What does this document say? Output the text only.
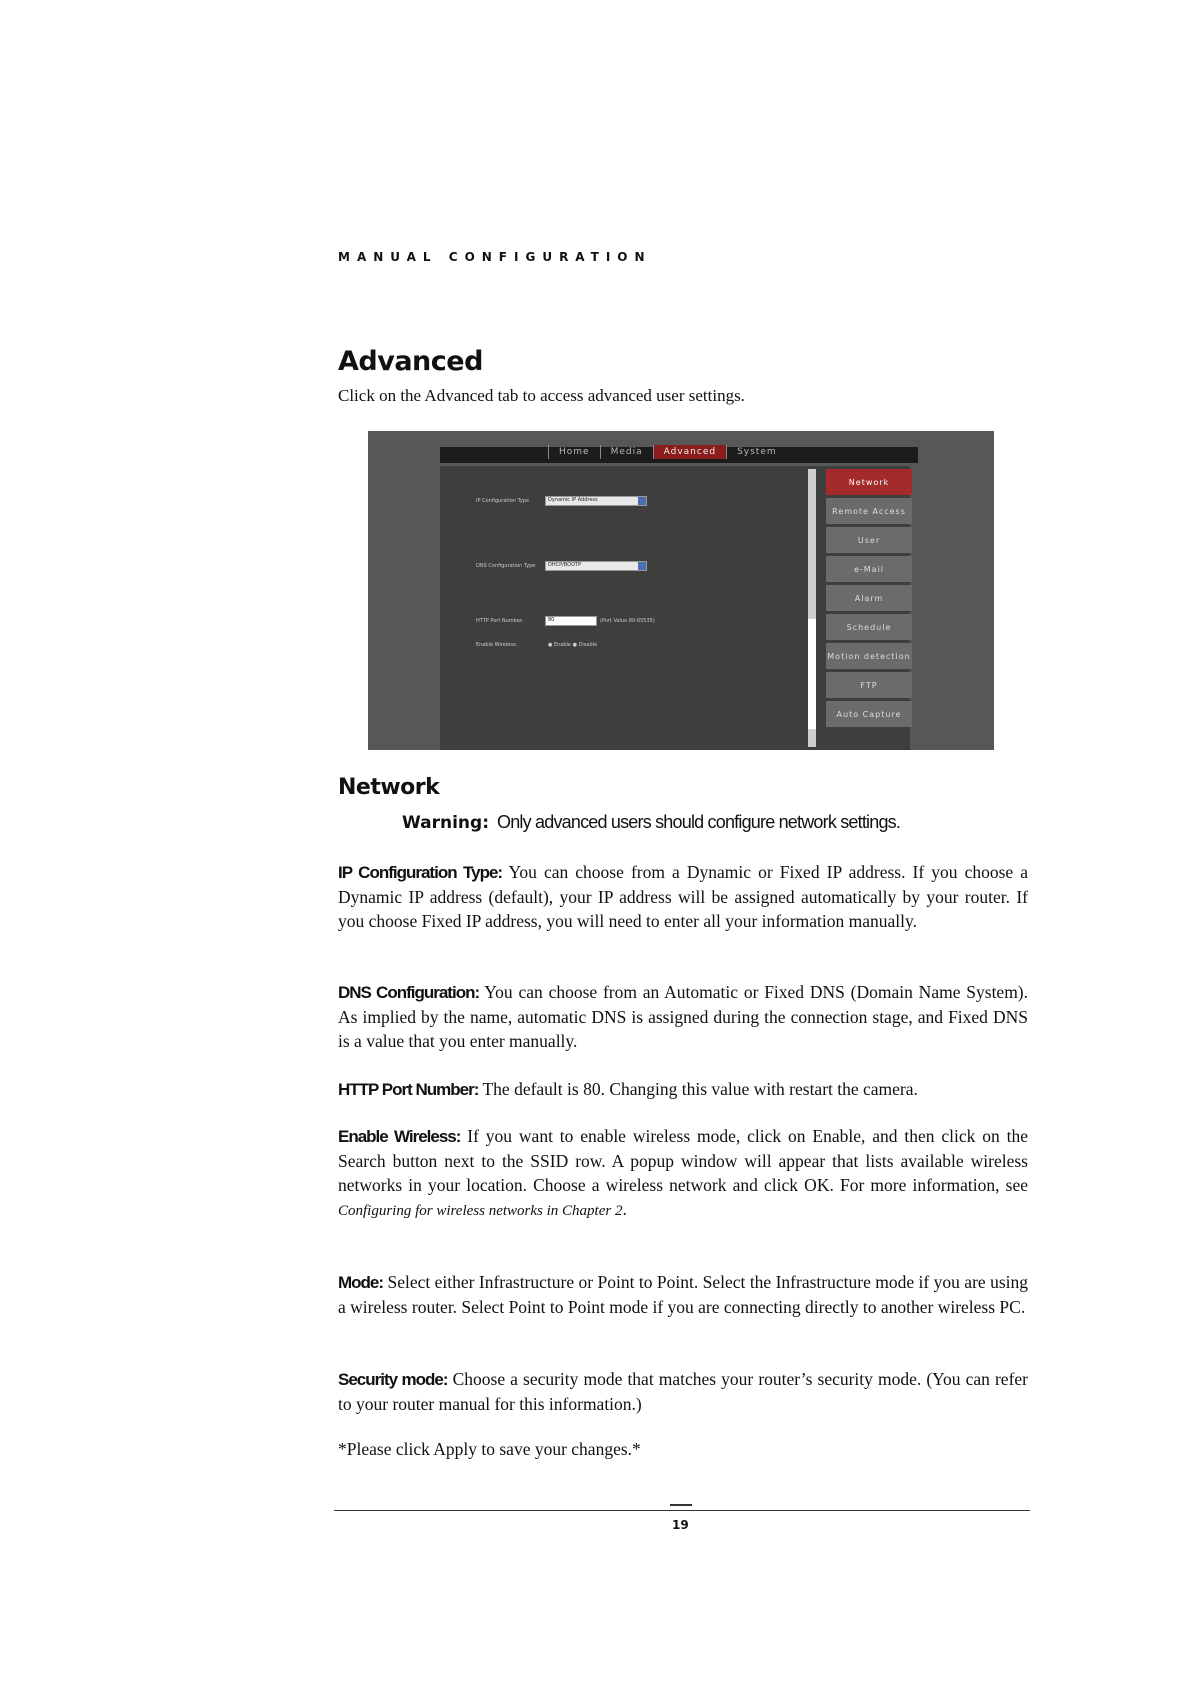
MANUAL CONFIGURATION
Advanced
Click on the Advanced tab to access advanced user settings.
Home	Media	Advanced	System
IP Configuration Type	Dynamic IP Address
DNS Configuration Type	DHCP/BOOTP
HTTP Port Number:	80	(Port Value 80-65535)
Enable Wireless:	● Enable ● Disable
Network
Remote Access
User
e-Mail
Alarm
Schedule
Motion detection
FTP
Auto Capture
Network
Warning: Only advanced users should configure network settings.
IP Configuration Type: You can choose from a Dynamic or Fixed IP address. If you choose a Dynamic IP address (default), your IP address will be assigned automatically by your router. If you choose Fixed IP address, you will need to enter all your information manually.
DNS Configuration: You can choose from an Automatic or Fixed DNS (Domain Name System). As implied by the name, automatic DNS is assigned during the connection stage, and Fixed DNS is a value that you enter manually.
HTTP Port Number: The default is 80. Changing this value with restart the camera.
Enable Wireless: If you want to enable wireless mode, click on Enable, and then click on the Search button next to the SSID row. A popup window will appear that lists available wireless networks in your location. Choose a wireless network and click OK. For more information, see Configuring for wireless networks in Chapter 2.
Mode: Select either Infrastructure or Point to Point. Select the Infrastructure mode if you are using a wireless router. Select Point to Point mode if you are connecting directly to another wireless PC.
Security mode: Choose a security mode that matches your router’s security mode. (You can refer to your router manual for this information.)
*Please click Apply to save your changes.*
19
